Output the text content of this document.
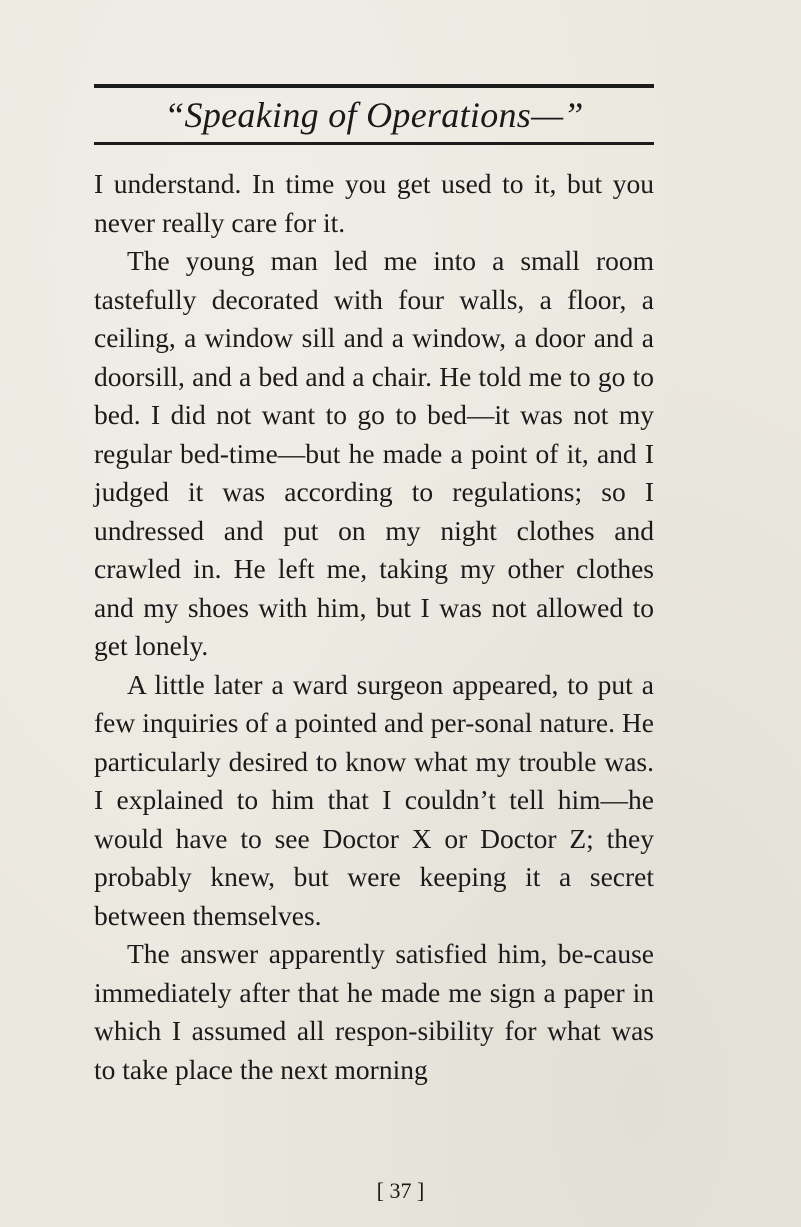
“Speaking of Operations—”

I understand. In time you get used to it, but you never really care for it.

The young man led me into a small room tastefully decorated with four walls, a floor, a ceiling, a window sill and a window, a door and a doorsill, and a bed and a chair. He told me to go to bed. I did not want to go to bed—it was not my regular bed-time—but he made a point of it, and I judged it was according to regulations; so I undressed and put on my night clothes and crawled in. He left me, taking my other clothes and my shoes with him, but I was not allowed to get lonely.

A little later a ward surgeon appeared, to put a few inquiries of a pointed and per-sonal nature. He particularly desired to know what my trouble was. I explained to him that I couldn’t tell him—he would have to see Doctor X or Doctor Z; they probably knew, but were keeping it a secret between themselves.

The answer apparently satisfied him, be-cause immediately after that he made me sign a paper in which I assumed all respon-sibility for what was to take place the next morning

[ 37 ]
